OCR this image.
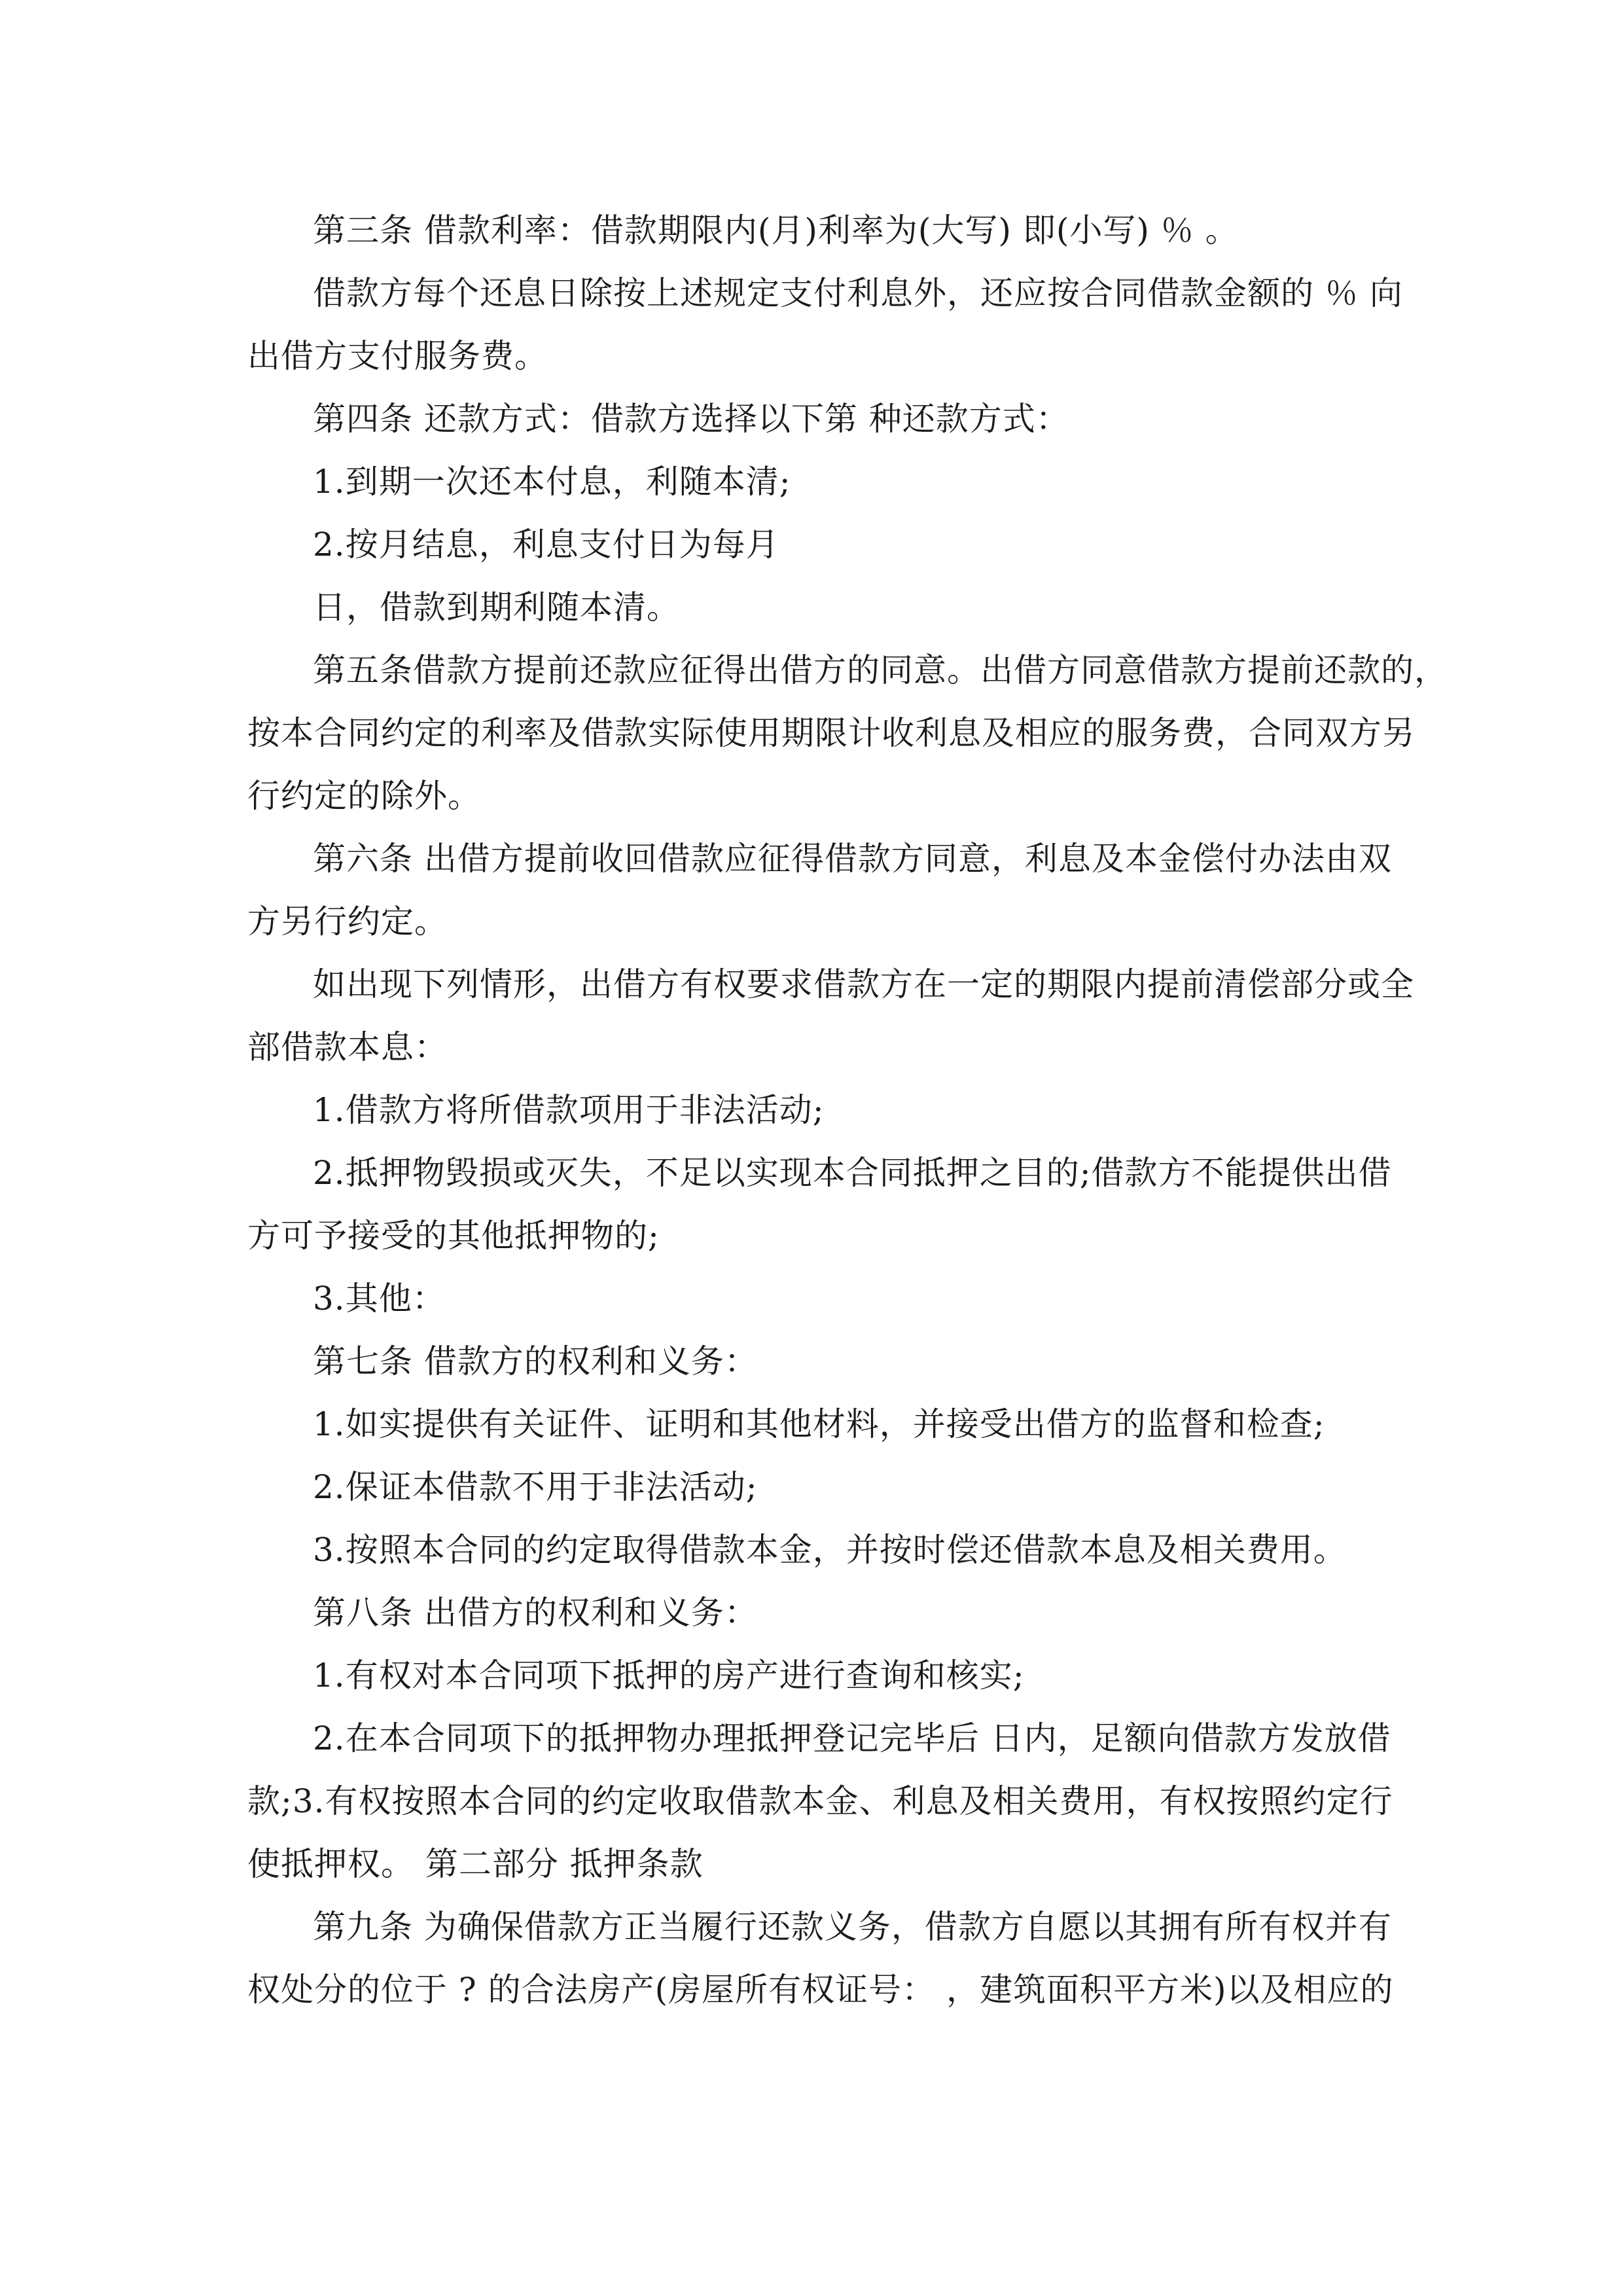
第三条 借款利率：借款期限内(月)利率为(大写) 即(小写) ％ 。
借款方每个还息日除按上述规定支付利息外，还应按合同借款金额的 ％ 向
出借方支付服务费。
第四条 还款方式：借款方选择以下第 种还款方式：
1.到期一次还本付息，利随本清;
2.按月结息，利息支付日为每月
日，借款到期利随本清。
第五条借款方提前还款应征得出借方的同意。出借方同意借款方提前还款的，
按本合同约定的利率及借款实际使用期限计收利息及相应的服务费，合同双方另
行约定的除外。
第六条 出借方提前收回借款应征得借款方同意，利息及本金偿付办法由双
方另行约定。
如出现下列情形，出借方有权要求借款方在一定的期限内提前清偿部分或全
部借款本息：
1.借款方将所借款项用于非法活动;
2.抵押物毁损或灭失，不足以实现本合同抵押之目的;借款方不能提供出借
方可予接受的其他抵押物的;
3.其他：
第七条 借款方的权利和义务：
1.如实提供有关证件、证明和其他材料，并接受出借方的监督和检查;
2.保证本借款不用于非法活动;
3.按照本合同的约定取得借款本金，并按时偿还借款本息及相关费用。
第八条 出借方的权利和义务：
1.有权对本合同项下抵押的房产进行查询和核实;
2.在本合同项下的抵押物办理抵押登记完毕后 日内，足额向借款方发放借
款;3.有权按照本合同的约定收取借款本金、利息及相关费用，有权按照约定行
使抵押权。 第二部分 抵押条款
第九条 为确保借款方正当履行还款义务，借款方自愿以其拥有所有权并有
权处分的位于 ? 的合法房产(房屋所有权证号： ，建筑面积平方米)以及相应的
